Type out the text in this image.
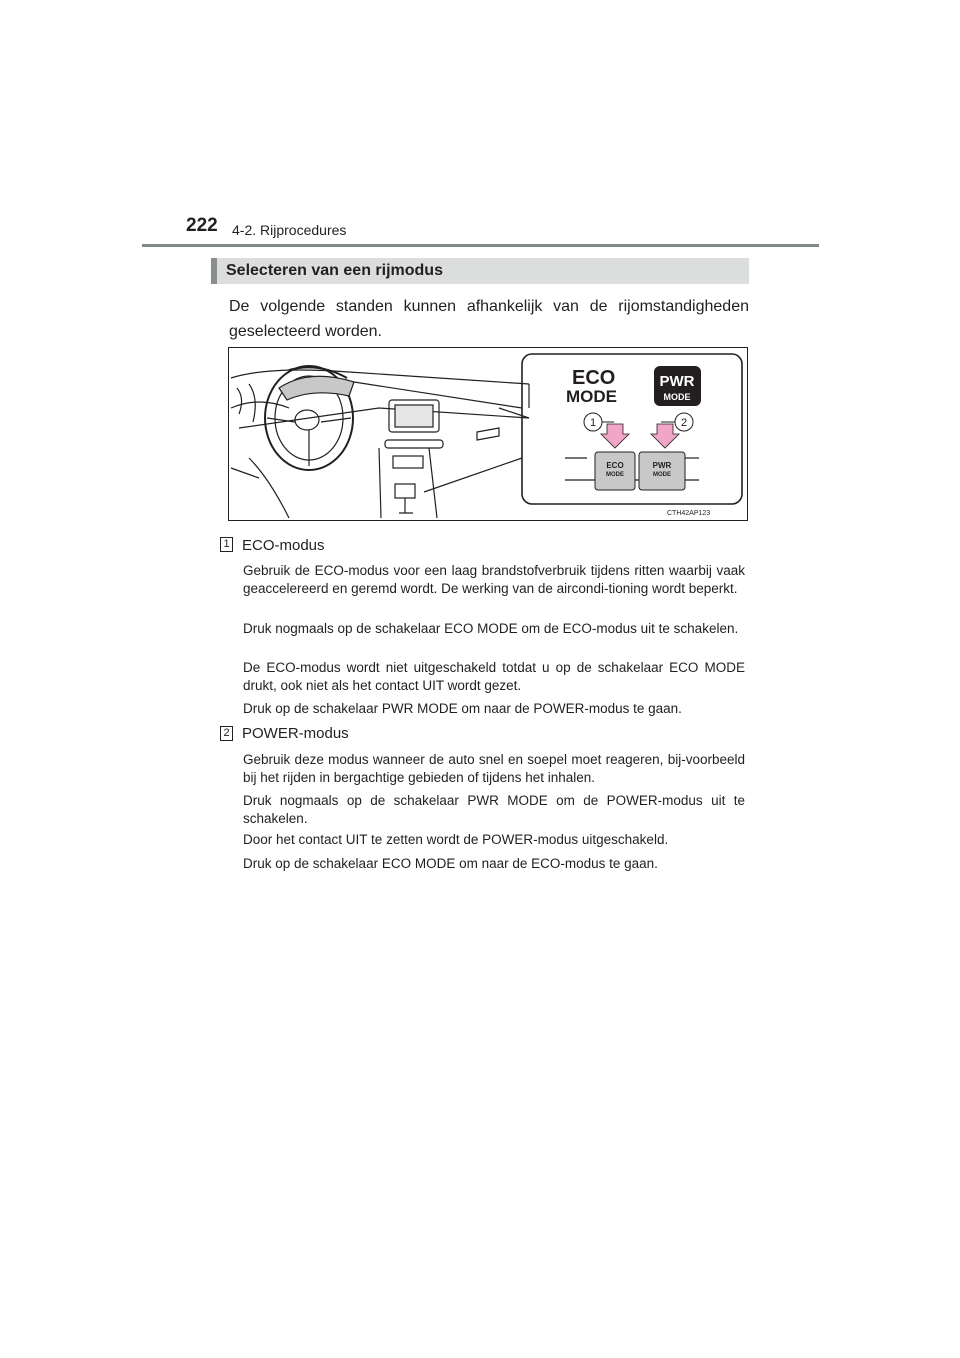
222 4-2. Rijprocedures
Selecteren van een rijmodus
De volgende standen kunnen afhankelijk van de rijomstandigheden geselecteerd worden.
ECO
MODE
PWR
MODE
1	2
ECO
MODE
PWR
MODE
CTH42AP123
1 ECO-modus

Gebruik de ECO-modus voor een laag brandstofverbruik tijdens ritten waarbij vaak geaccelereerd en geremd wordt. De werking van de aircondi-tioning wordt beperkt.

Druk nogmaals op de schakelaar ECO MODE om de ECO-modus uit te schakelen.

De ECO-modus wordt niet uitgeschakeld totdat u op de schakelaar ECO MODE drukt, ook niet als het contact UIT wordt gezet.

Druk op de schakelaar PWR MODE om naar de POWER-modus te gaan.

2 POWER-modus

Gebruik deze modus wanneer de auto snel en soepel moet reageren, bij-voorbeeld bij het rijden in bergachtige gebieden of tijdens het inhalen.

Druk nogmaals op de schakelaar PWR MODE om de POWER-modus uit te schakelen.

Door het contact UIT te zetten wordt de POWER-modus uitgeschakeld.

Druk op de schakelaar ECO MODE om naar de ECO-modus te gaan.
